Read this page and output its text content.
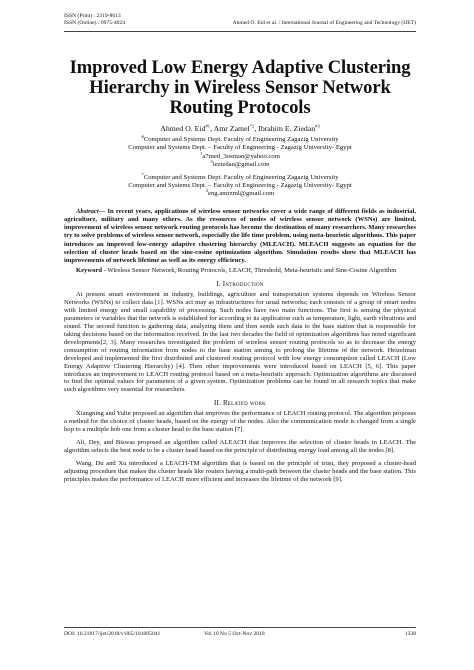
ISSN (Print) : 2319-8613
ISSN (Online) : 0975-4024	Ahmed O. Eid et al. / International Journal of Engineering and Technology (IJET)
Improved Low Energy Adaptive Clustering Hierarchy in Wireless Sensor Network Routing Protocols
Ahmed O. Eid$^{\#1}$, Amr Zamel$^{*2}$, Ibrahim E. Ziedan$^{\#3}$
#Computer and Systems Dept. Faculty of Engineering Zagazig University
Computer and Systems Dept. – Faculty of Engineering - Zagazig University- Egypt
$^1$a7med_3osman@yahoo.com
$^3$ieziedan@gmail.com
*Computer and Systems Dept. Faculty of Engineering Zagazig University
Computer and Systems Dept. – Faculty of Engineering - Zagazig University- Egypt
$^2$eng.amrzml@gmail.com
Abstract— In recent years, applications of wireless sensor networks cover a wide range of different fields as industrial, agriculture, military and many others. As the resources of nodes of wireless sensor network (WSNs) are limited, improvement of wireless sensor network routing protocols has become the destination of many researchers. Many researches try to solve problems of wireless sensor network, especially the life time problem, using meta-heuristic algorithms. This paper introduces an improved low-energy adaptive clustering hierarchy (MLEACH). MLEACH suggests an equation for the selection of cluster heads based on the sine-cosine optimization algorithm. Simulation results show that MLEACH has improvements of network lifetime as well as its energy efficiency.
Keyword - Wireless Sensor Network, Routing Protocols, LEACH, Threshold, Meta-heuristic and Sine-Cosine Algorithm
I. Introduction

At present smart environment in industry, buildings, agriculture and transportation systems depends on Wireless Sensor Networks (WSNs) to collect data [1]. WSNs act may as infrastructures for usual networks; each consists of a group of smart nodes with limited energy and small capability of processing. Such nodes have two main functions. The first is sensing the physical parameters or variables that the network is established for according to its application such as temperature, light, earth vibrations and sound. The second function is gathering data, analyzing them and then sends such data to the base station that is responsible for taking decisions based on the information received. In the last two decades the field of optimization algorithms has noted significant developments[2, 3]. Many researches investigated the problem of wireless sensor routing protocols so as to decrease the energy consumption of routing information from nodes to the base station aiming to prolong the lifetime of the network. Heizelman developed and implemented the first distributed and clustered routing protocol with low energy consumption called LEACH (Low Energy Adaptive Clustering Hierarchy) [4]. Then other improvements were introduced based on LEACH [5, 6]. This paper introduces an improvement to LEACH routing protocol based on a meta-heuristic approach. Optimization algorithms are discussed to find the optimal values for parameters of a given system. Optimization problems can be found in all research topics that make such algorithms very essential for researchers.

II. Related work

Xiangning and Yulin proposed an algorithm that improves the performance of LEACH routing protocol. The algorithm proposes a method for the choice of cluster heads, based on the energy of the nodes. Also the communication mode is changed from a single hop to a multiple hob one from a cluster head to the base station [7].

Ali, Dey, and Biswas proposed an algorithm called ALEACH that improves the selection of cluster heads in LEACH. The algorithm selects the best node to be a cluster head based on the principle of distributing energy load among all the nodes [8].

Wang, Du and Xu introduced a LEACH-TM algorithm that is based on the principle of trust, they proposed a cluster-head adjusting procedure that makes the cluster heads like routers having a multi-path between the cluster heads and the base station. This principles makes the performance of LEACH more efficient and increases the lifetime of the network [9].

DOI: 10.21817/ijet/2018/v10i5/181005041	Vol 10 No 5 Oct-Nov 2018	1338
